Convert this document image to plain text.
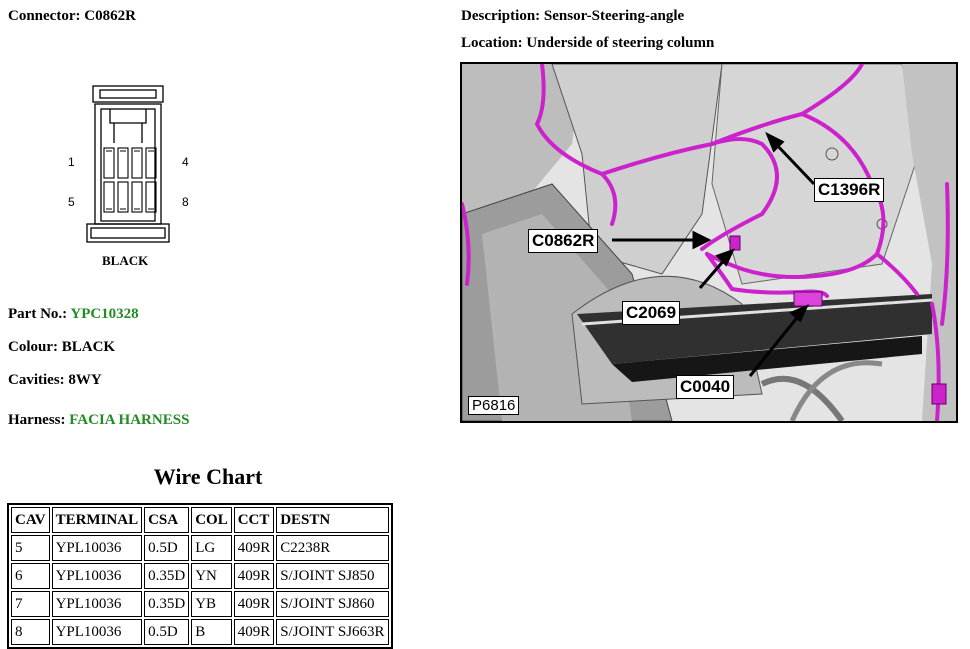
Connector: C0862R	Description: Sensor-Steering-angle
Location: Underside of steering column
1	4
5	8
BLACK
Part No.: YPC10328
Colour: BLACK
Cavities: 8WY
Harness: FACIA HARNESS
C1396R
C0862R
C2069
C0040
P6816
Wire Chart
CAV	TERMINAL	CSA	COL	CCT	DESTN
5	YPL10036	0.5D	LG	409R	C2238R
6	YPL10036	0.35D	YN	409R	S/JOINT SJ850
7	YPL10036	0.35D	YB	409R	S/JOINT SJ860
8	YPL10036	0.5D	B	409R	S/JOINT SJ663R
